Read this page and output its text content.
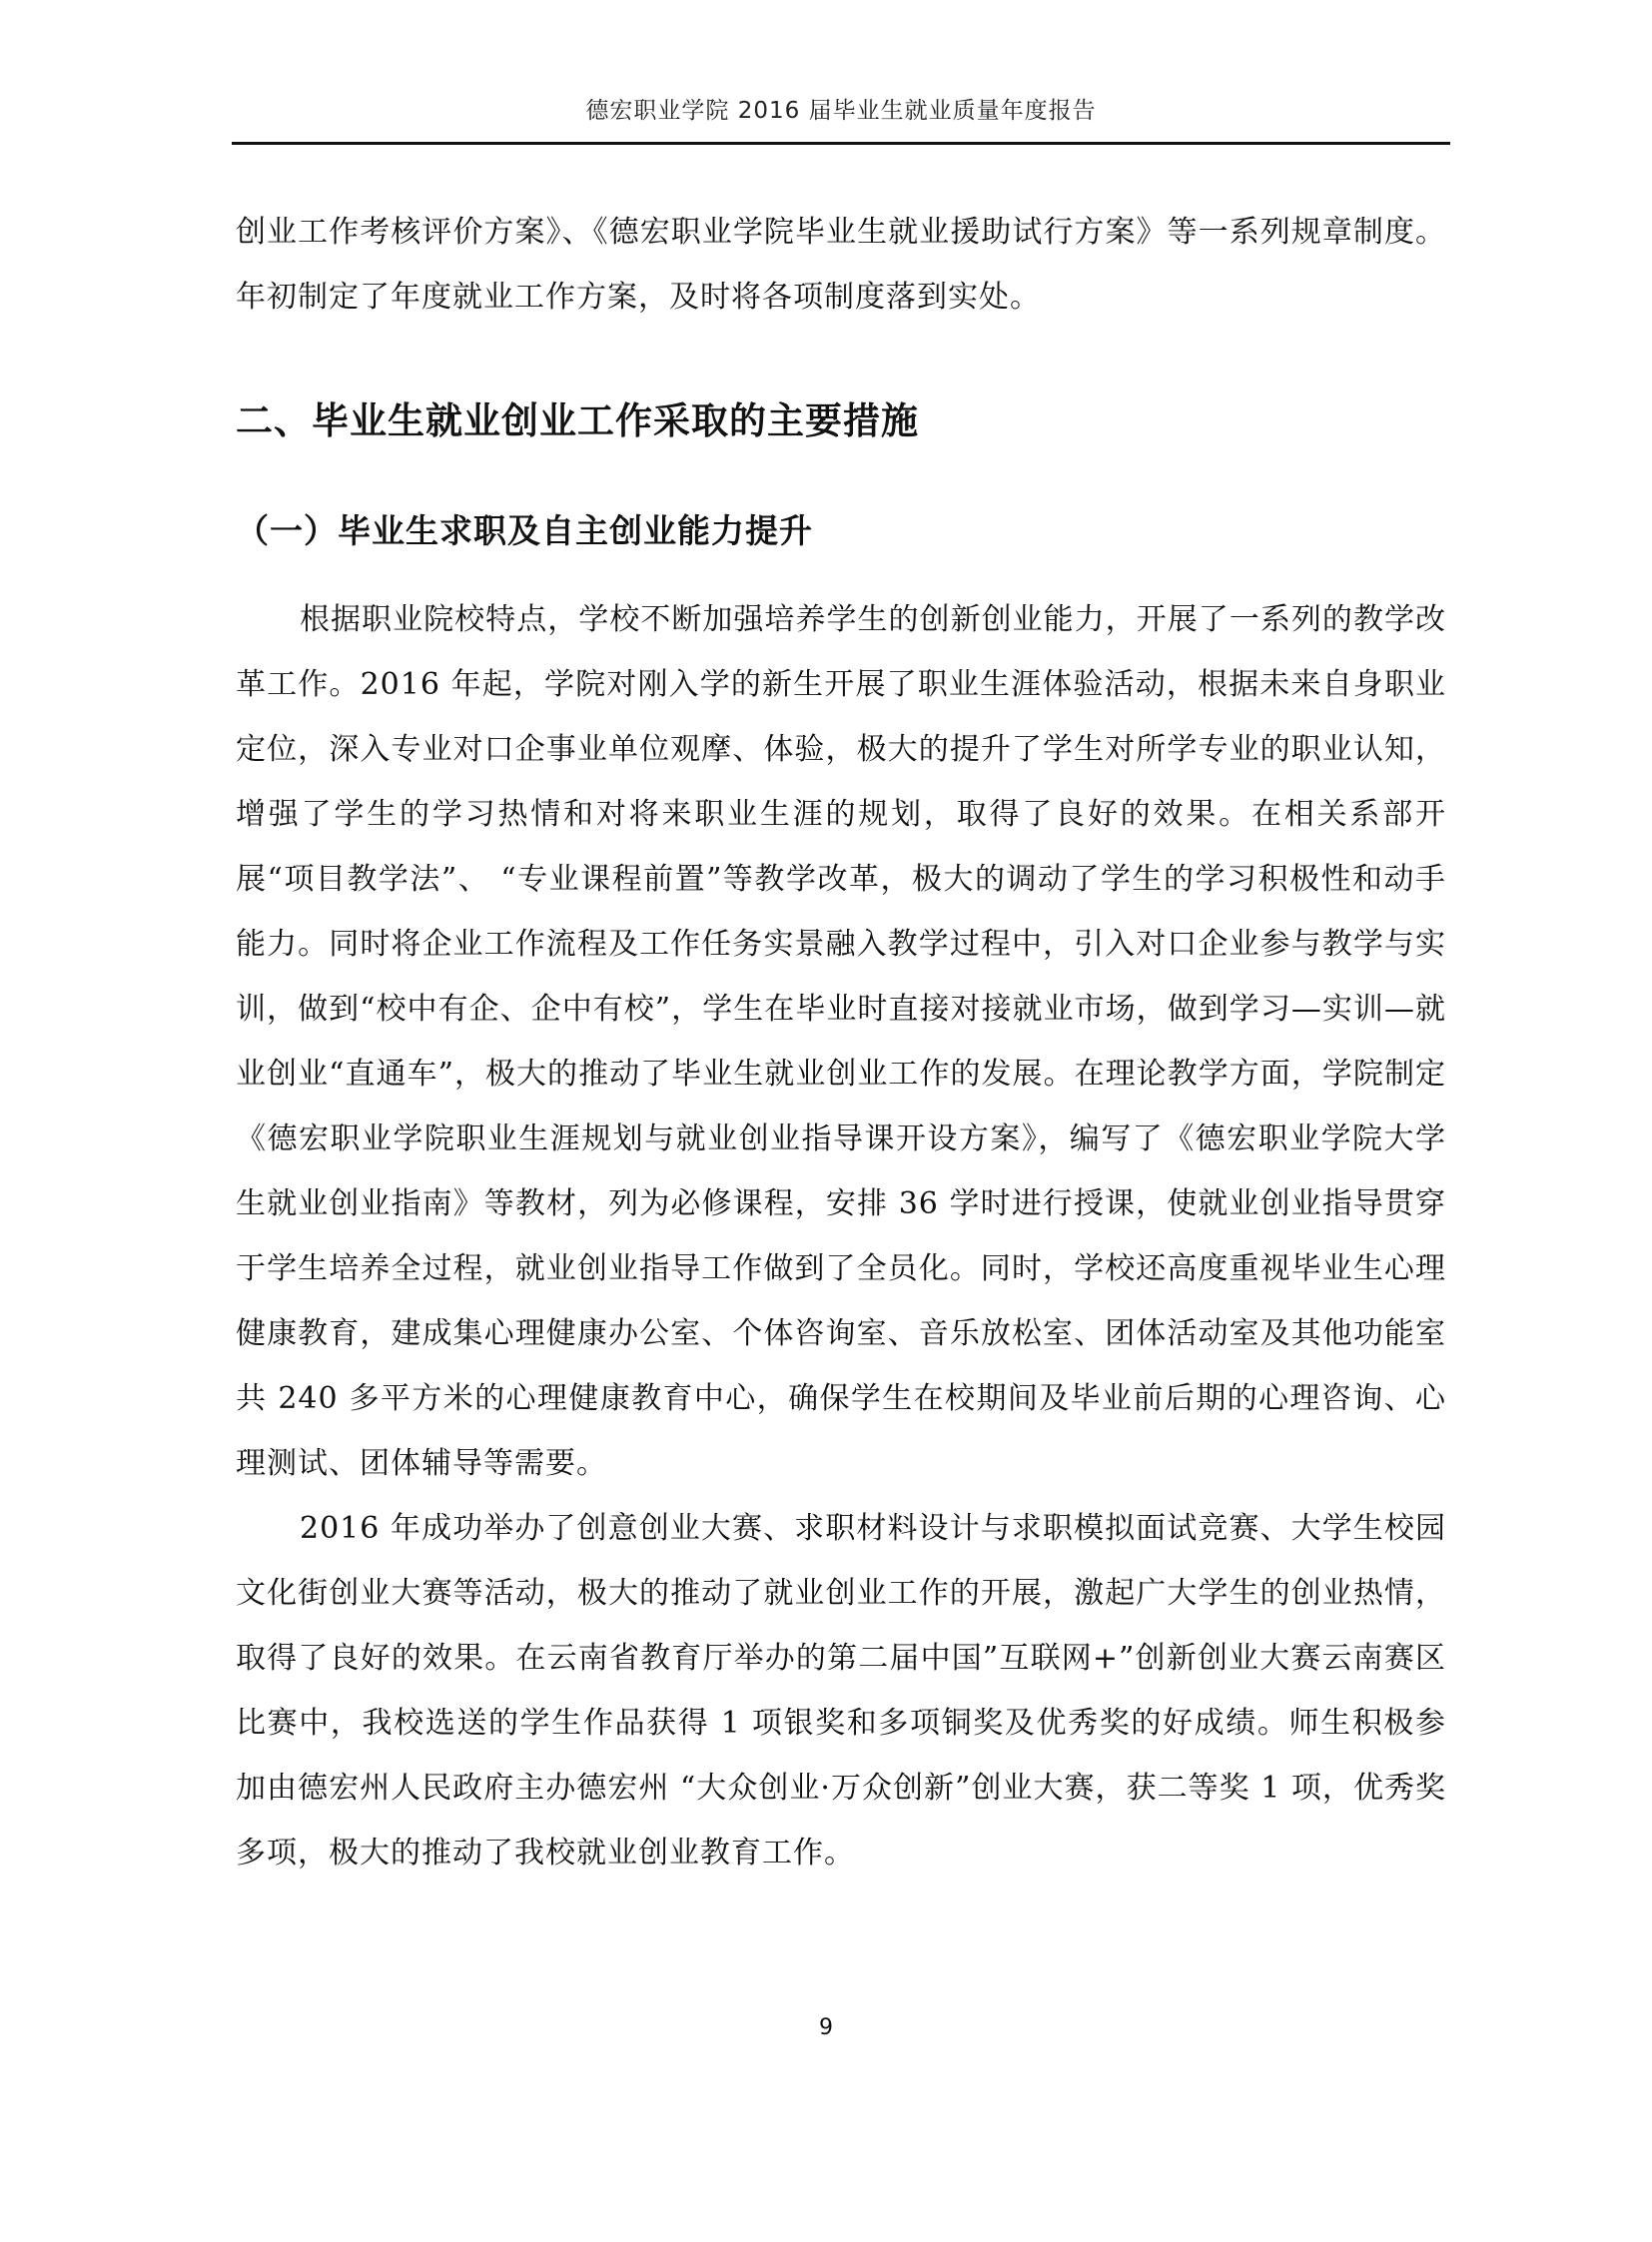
德宏职业学院 2016 届毕业生就业质量年度报告

创业工作考核评价方案》、《德宏职业学院毕业生就业援助试行方案》等一系列规章制度。年初制定了年度就业工作方案，及时将各项制度落到实处。

二、毕业生就业创业工作采取的主要措施
（一）毕业生求职及自主创业能力提升

根据职业院校特点，学校不断加强培养学生的创新创业能力，开展了一系列的教学改革工作。2016 年起，学院对刚入学的新生开展了职业生涯体验活动，根据未来自身职业定位，深入专业对口企事业单位观摩、体验，极大的提升了学生对所学专业的职业认知，增强了学生的学习热情和对将来职业生涯的规划，取得了良好的效果。在相关系部开展“项目教学法”、 “专业课程前置”等教学改革，极大的调动了学生的学习积极性和动手能力。同时将企业工作流程及工作任务实景融入教学过程中，引入对口企业参与教学与实训，做到“校中有企、企中有校”，学生在毕业时直接对接就业市场，做到学习—实训—就业创业“直通车”，极大的推动了毕业生就业创业工作的发展。在理论教学方面，学院制定《德宏职业学院职业生涯规划与就业创业指导课开设方案》，编写了《德宏职业学院大学生就业创业指南》等教材，列为必修课程，安排 36 学时进行授课，使就业创业指导贯穿于学生培养全过程，就业创业指导工作做到了全员化。同时，学校还高度重视毕业生心理健康教育，建成集心理健康办公室、个体咨询室、音乐放松室、团体活动室及其他功能室共 240 多平方米的心理健康教育中心，确保学生在校期间及毕业前后期的心理咨询、心理测试、团体辅导等需要。

2016 年成功举办了创意创业大赛、求职材料设计与求职模拟面试竞赛、大学生校园文化街创业大赛等活动，极大的推动了就业创业工作的开展，激起广大学生的创业热情，取得了良好的效果。在云南省教育厅举办的第二届中国”互联网+”创新创业大赛云南赛区比赛中，我校选送的学生作品获得 1 项银奖和多项铜奖及优秀奖的好成绩。师生积极参加由德宏州人民政府主办德宏州 “大众创业·万众创新”创业大赛，获二等奖 1 项，优秀奖多项，极大的推动了我校就业创业教育工作。

9
